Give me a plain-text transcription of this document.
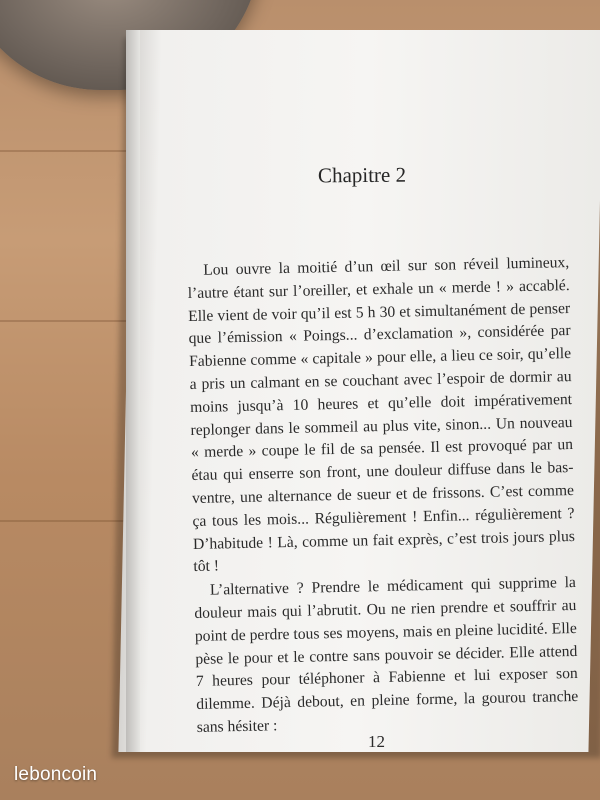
Chapitre 2

Lou ouvre la moitié d’un œil sur son réveil lumineux, l’autre étant sur l’oreiller, et exhale un « merde ! » accablé. Elle vient de voir qu’il est 5 h 30 et simultanément de penser que l’émission « Poings... d’exclamation », considérée par Fabienne comme « capitale » pour elle, a lieu ce soir, qu’elle a pris un calmant en se couchant avec l’espoir de dormir au moins jusqu’à 10 heures et qu’elle doit impérativement replonger dans le sommeil au plus vite, sinon... Un nouveau « merde » coupe le fil de sa pensée. Il est provoqué par un étau qui enserre son front, une douleur diffuse dans le bas-ventre, une alternance de sueur et de frissons. C’est comme ça tous les mois... Régulièrement ! Enfin... régulièrement ? D’habitude ! Là, comme un fait exprès, c’est trois jours plus tôt !

L’alternative ? Prendre le médicament qui supprime la douleur mais qui l’abrutit. Ou ne rien prendre et souffrir au point de perdre tous ses moyens, mais en pleine lucidité. Elle pèse le pour et le contre sans pouvoir se décider. Elle attend 7 heures pour téléphoner à Fabienne et lui exposer son dilemme. Déjà debout, en pleine forme, la gourou tranche sans hésiter :

12
leboncoin
